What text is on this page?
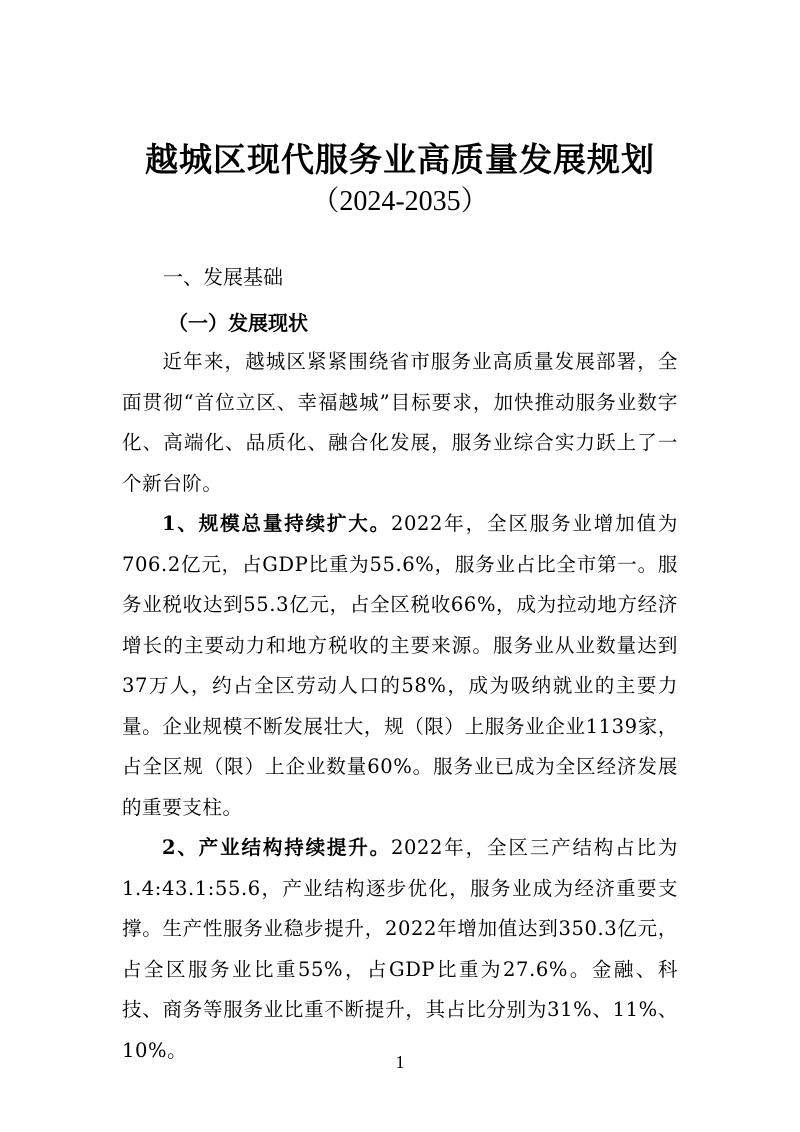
越城区现代服务业高质量发展规划
（2024-2035）
一、发展基础
（一）发展现状
近年来，越城区紧紧围绕省市服务业高质量发展部署，全面贯彻“首位立区、幸福越城”目标要求，加快推动服务业数字化、高端化、品质化、融合化发展，服务业综合实力跃上了一个新台阶。
1、规模总量持续扩大。2022年，全区服务业增加值为706.2亿元，占GDP比重为55.6%，服务业占比全市第一。服务业税收达到55.3亿元，占全区税收66%，成为拉动地方经济增长的主要动力和地方税收的主要来源。服务业从业数量达到37万人，约占全区劳动人口的58%，成为吸纳就业的主要力量。企业规模不断发展壮大，规（限）上服务业企业1139家，占全区规（限）上企业数量60%。服务业已成为全区经济发展的重要支柱。
2、产业结构持续提升。2022年，全区三产结构占比为1.4:43.1:55.6，产业结构逐步优化，服务业成为经济重要支撑。生产性服务业稳步提升，2022年增加值达到350.3亿元，占全区服务业比重55%，占GDP比重为27.6%。金融、科技、商务等服务业比重不断提升，其占比分别为31%、11%、10%。
1
